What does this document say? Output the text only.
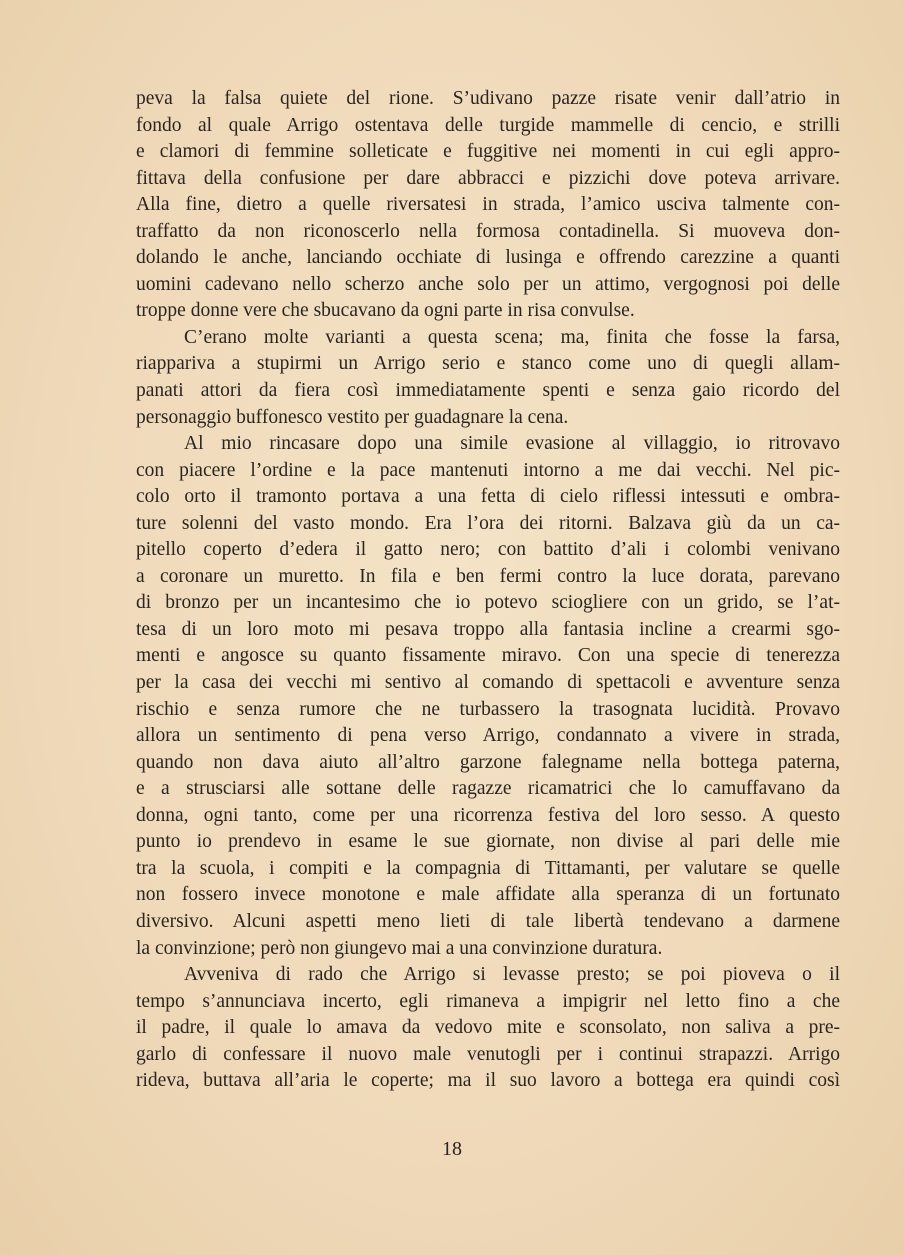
peva la falsa quiete del rione. S’udivano pazze risate venir dall’atrio in
fondo al quale Arrigo ostentava delle turgide mammelle di cencio, e strilli
e clamori di femmine solleticate e fuggitive nei momenti in cui egli appro-
fittava della confusione per dare abbracci e pizzichi dove poteva arrivare.
Alla fine, dietro a quelle riversatesi in strada, l’amico usciva talmente con-
traffatto da non riconoscerlo nella formosa contadinella. Si muoveva don-
dolando le anche, lanciando occhiate di lusinga e offrendo carezzine a quanti
uomini cadevano nello scherzo anche solo per un attimo, vergognosi poi delle
troppe donne vere che sbucavano da ogni parte in risa convulse.
C’erano molte varianti a questa scena; ma, finita che fosse la farsa,
riappariva a stupirmi un Arrigo serio e stanco come uno di quegli allam-
panati attori da fiera così immediatamente spenti e senza gaio ricordo del
personaggio buffonesco vestito per guadagnare la cena.
Al mio rincasare dopo una simile evasione al villaggio, io ritrovavo
con piacere l’ordine e la pace mantenuti intorno a me dai vecchi. Nel pic-
colo orto il tramonto portava a una fetta di cielo riflessi intessuti e ombra-
ture solenni del vasto mondo. Era l’ora dei ritorni. Balzava giù da un ca-
pitello coperto d’edera il gatto nero; con battito d’ali i colombi venivano
a coronare un muretto. In fila e ben fermi contro la luce dorata, parevano
di bronzo per un incantesimo che io potevo sciogliere con un grido, se l’at-
tesa di un loro moto mi pesava troppo alla fantasia incline a crearmi sgo-
menti e angosce su quanto fissamente miravo. Con una specie di tenerezza
per la casa dei vecchi mi sentivo al comando di spettacoli e avventure senza
rischio e senza rumore che ne turbassero la trasognata lucidità. Provavo
allora un sentimento di pena verso Arrigo, condannato a vivere in strada,
quando non dava aiuto all’altro garzone falegname nella bottega paterna,
e a strusciarsi alle sottane delle ragazze ricamatrici che lo camuffavano da
donna, ogni tanto, come per una ricorrenza festiva del loro sesso. A questo
punto io prendevo in esame le sue giornate, non divise al pari delle mie
tra la scuola, i compiti e la compagnia di Tittamanti, per valutare se quelle
non fossero invece monotone e male affidate alla speranza di un fortunato
diversivo. Alcuni aspetti meno lieti di tale libertà tendevano a darmene
la convinzione; però non giungevo mai a una convinzione duratura.
Avveniva di rado che Arrigo si levasse presto; se poi pioveva o il
tempo s’annunciava incerto, egli rimaneva a impigrir nel letto fino a che
il padre, il quale lo amava da vedovo mite e sconsolato, non saliva a pre-
garlo di confessare il nuovo male venutogli per i continui strapazzi. Arrigo
rideva, buttava all’aria le coperte; ma il suo lavoro a bottega era quindi così
18
